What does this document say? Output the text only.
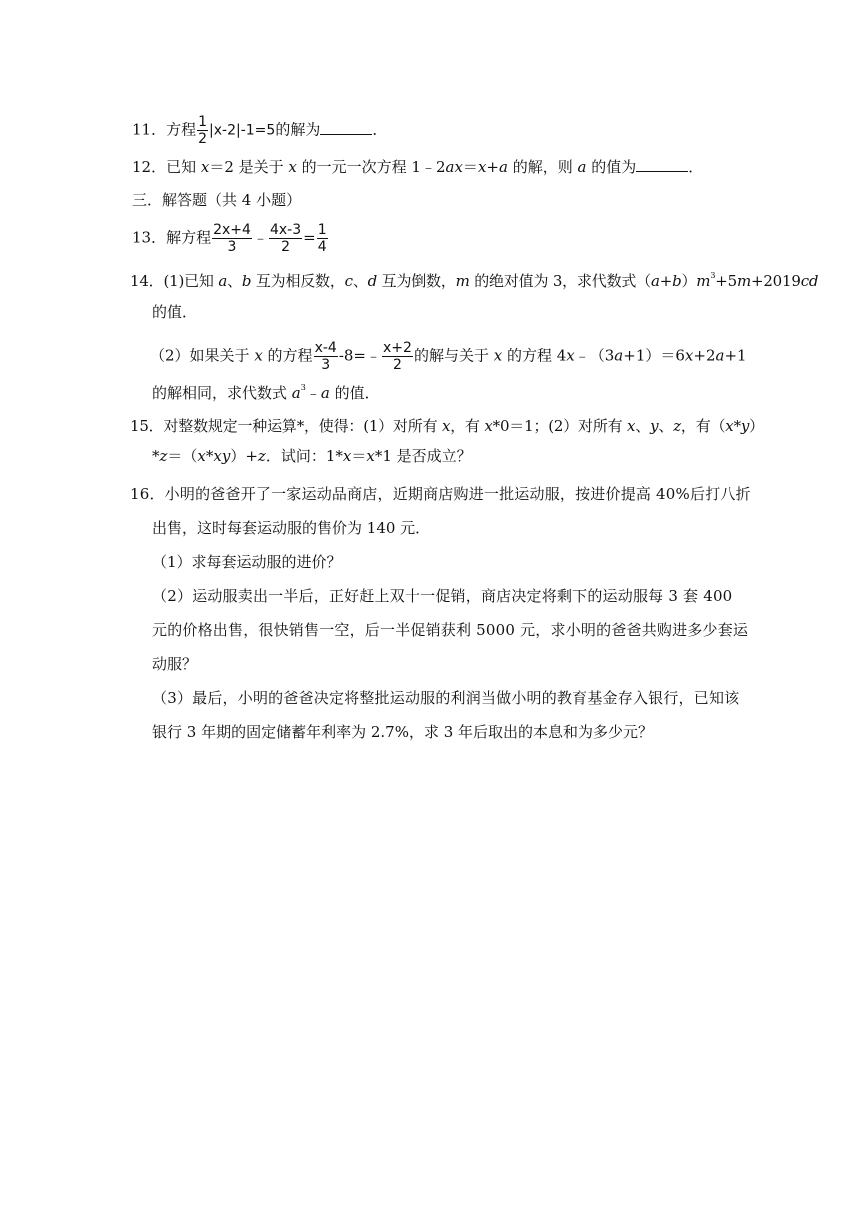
11．方程 $\frac{1}{2} |x-2|-1=5$的解为	．
12．已知 x＝2 是关于 x 的一元一次方程 1﹣2ax＝x+a 的解，则 a 的值为	．
三．解答题（共 4 小题）
13．解方程 $\frac{2x+4}{3}$ ﹣ $\frac{4x-3}{2} = \frac{1}{4}$
14．(1)已知 a、b 互为相反数，c、d 互为倒数，m 的绝对值为 3，求代数式$(a+b)m^3+5m+2019cd$
的值．
（2）如果关于 x 的方程 $\frac{x-4}{3}$ -8=﹣ $\frac{x+2}{2}$ 的解与关于 x 的方程 4x﹣（3a+1）＝6x+2a+1
的解相同，求代数式 $a^3﹣a$ 的值．
15．对整数规定一种运算*，使得：(1）对所有 x，有 x*0＝1；(2）对所有 x、y、z，有（x*y）
*z＝（x*xy）+z．试问：1*x＝x*1 是否成立？
16．小明的爸爸开了一家运动品商店，近期商店购进一批运动服，按进价提高 40%后打八折
出售，这时每套运动服的售价为 140 元．
（1）求每套运动服的进价？
（2）运动服卖出一半后，正好赶上双十一促销，商店决定将剩下的运动服每 3 套 400
元的价格出售，很快销售一空，后一半促销获利 5000 元，求小明的爸爸共购进多少套运
动服？
（3）最后，小明的爸爸决定将整批运动服的利润当做小明的教育基金存入银行，已知该
银行 3 年期的固定储蓄年利率为 2.7%，求 3 年后取出的本息和为多少元？
